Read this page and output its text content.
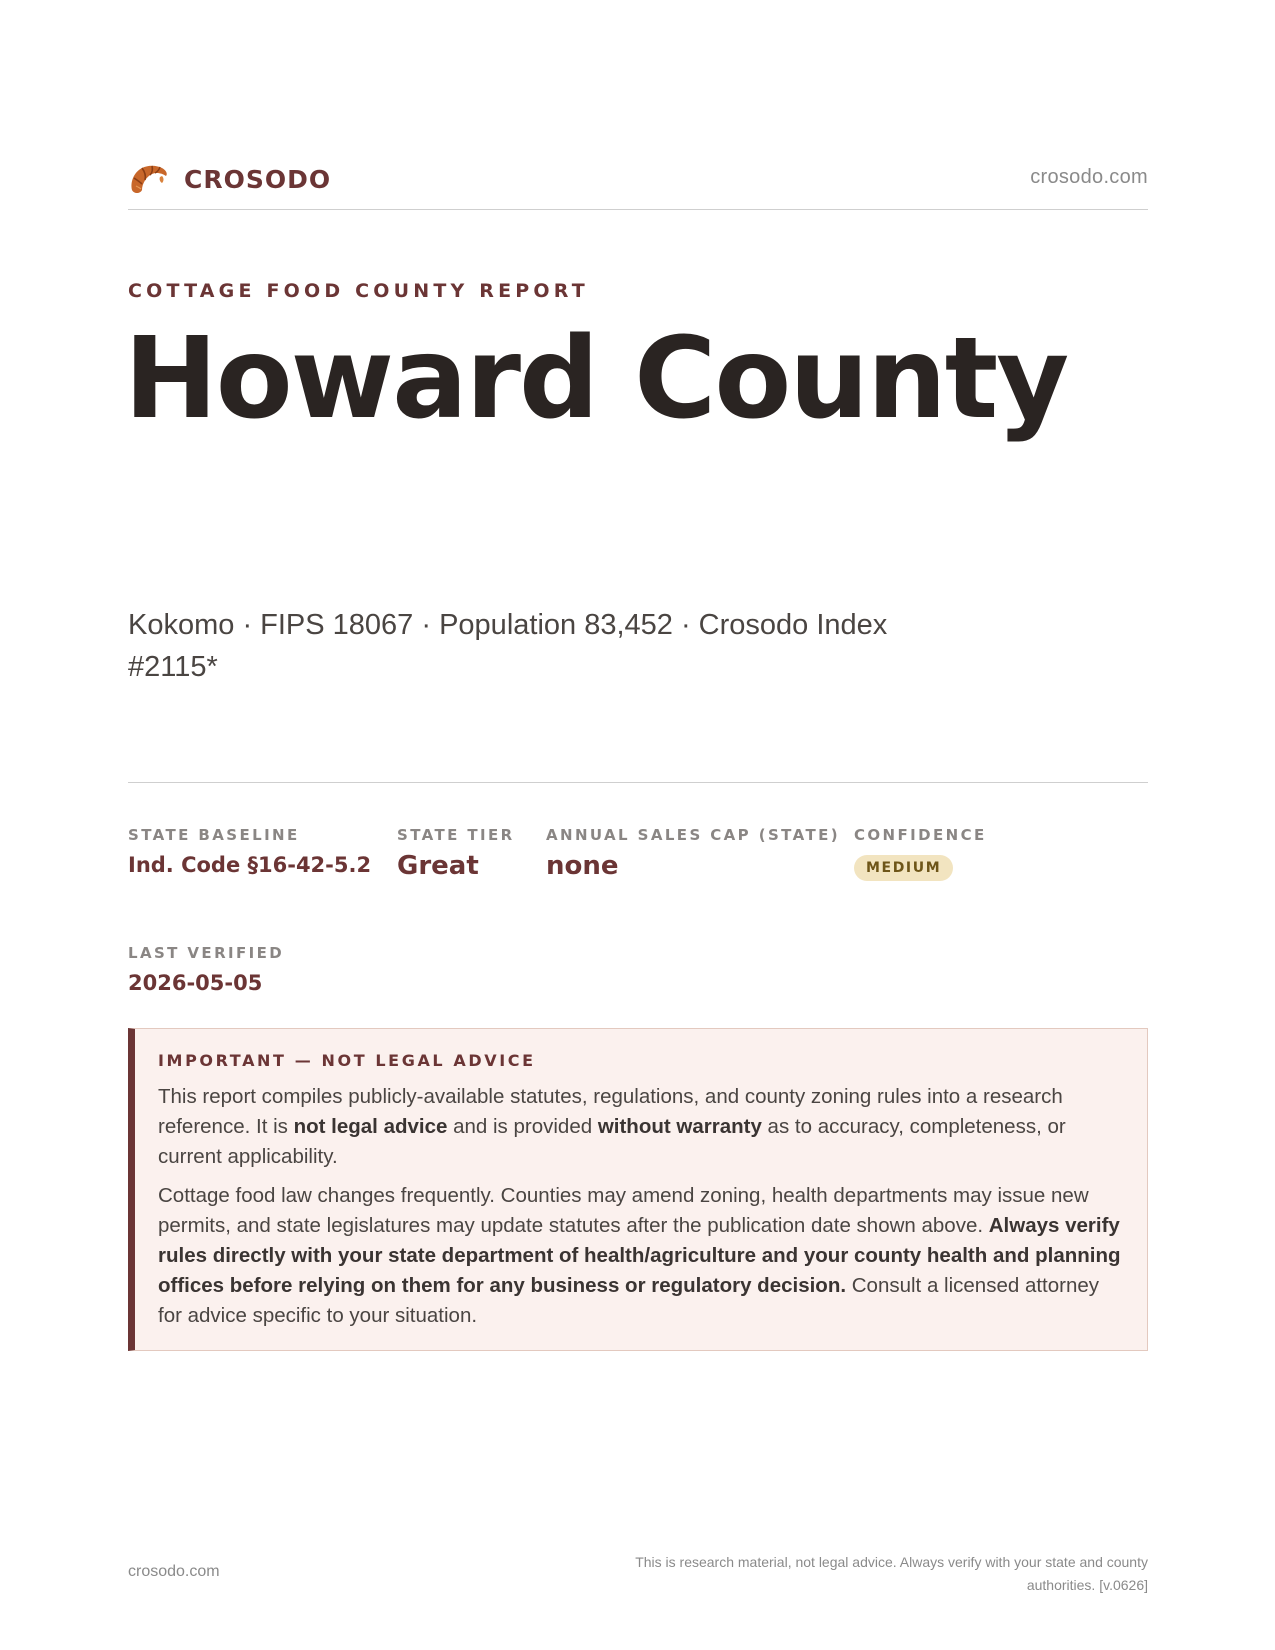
CROSODO	crosodo.com
COTTAGE FOOD COUNTY REPORT
Howard County
Kokomo · FIPS 18067 · Population 83,452 · Crosodo Index #2115*
STATE BASELINE
Ind. Code §16-42-5.2
STATE TIER
Great
ANNUAL SALES CAP (STATE)
none
CONFIDENCE
MEDIUM
LAST VERIFIED
2026-05-05
IMPORTANT — NOT LEGAL ADVICE

This report compiles publicly-available statutes, regulations, and county zoning rules into a research reference. It is not legal advice and is provided without warranty as to accuracy, completeness, or current applicability.

Cottage food law changes frequently. Counties may amend zoning, health departments may issue new permits, and state legislatures may update statutes after the publication date shown above. Always verify rules directly with your state department of health/agriculture and your county health and planning offices before relying on them for any business or regulatory decision. Consult a licensed attorney for advice specific to your situation.

crosodo.com
This is research material, not legal advice. Always verify with your state and county authorities. [v.0626]
